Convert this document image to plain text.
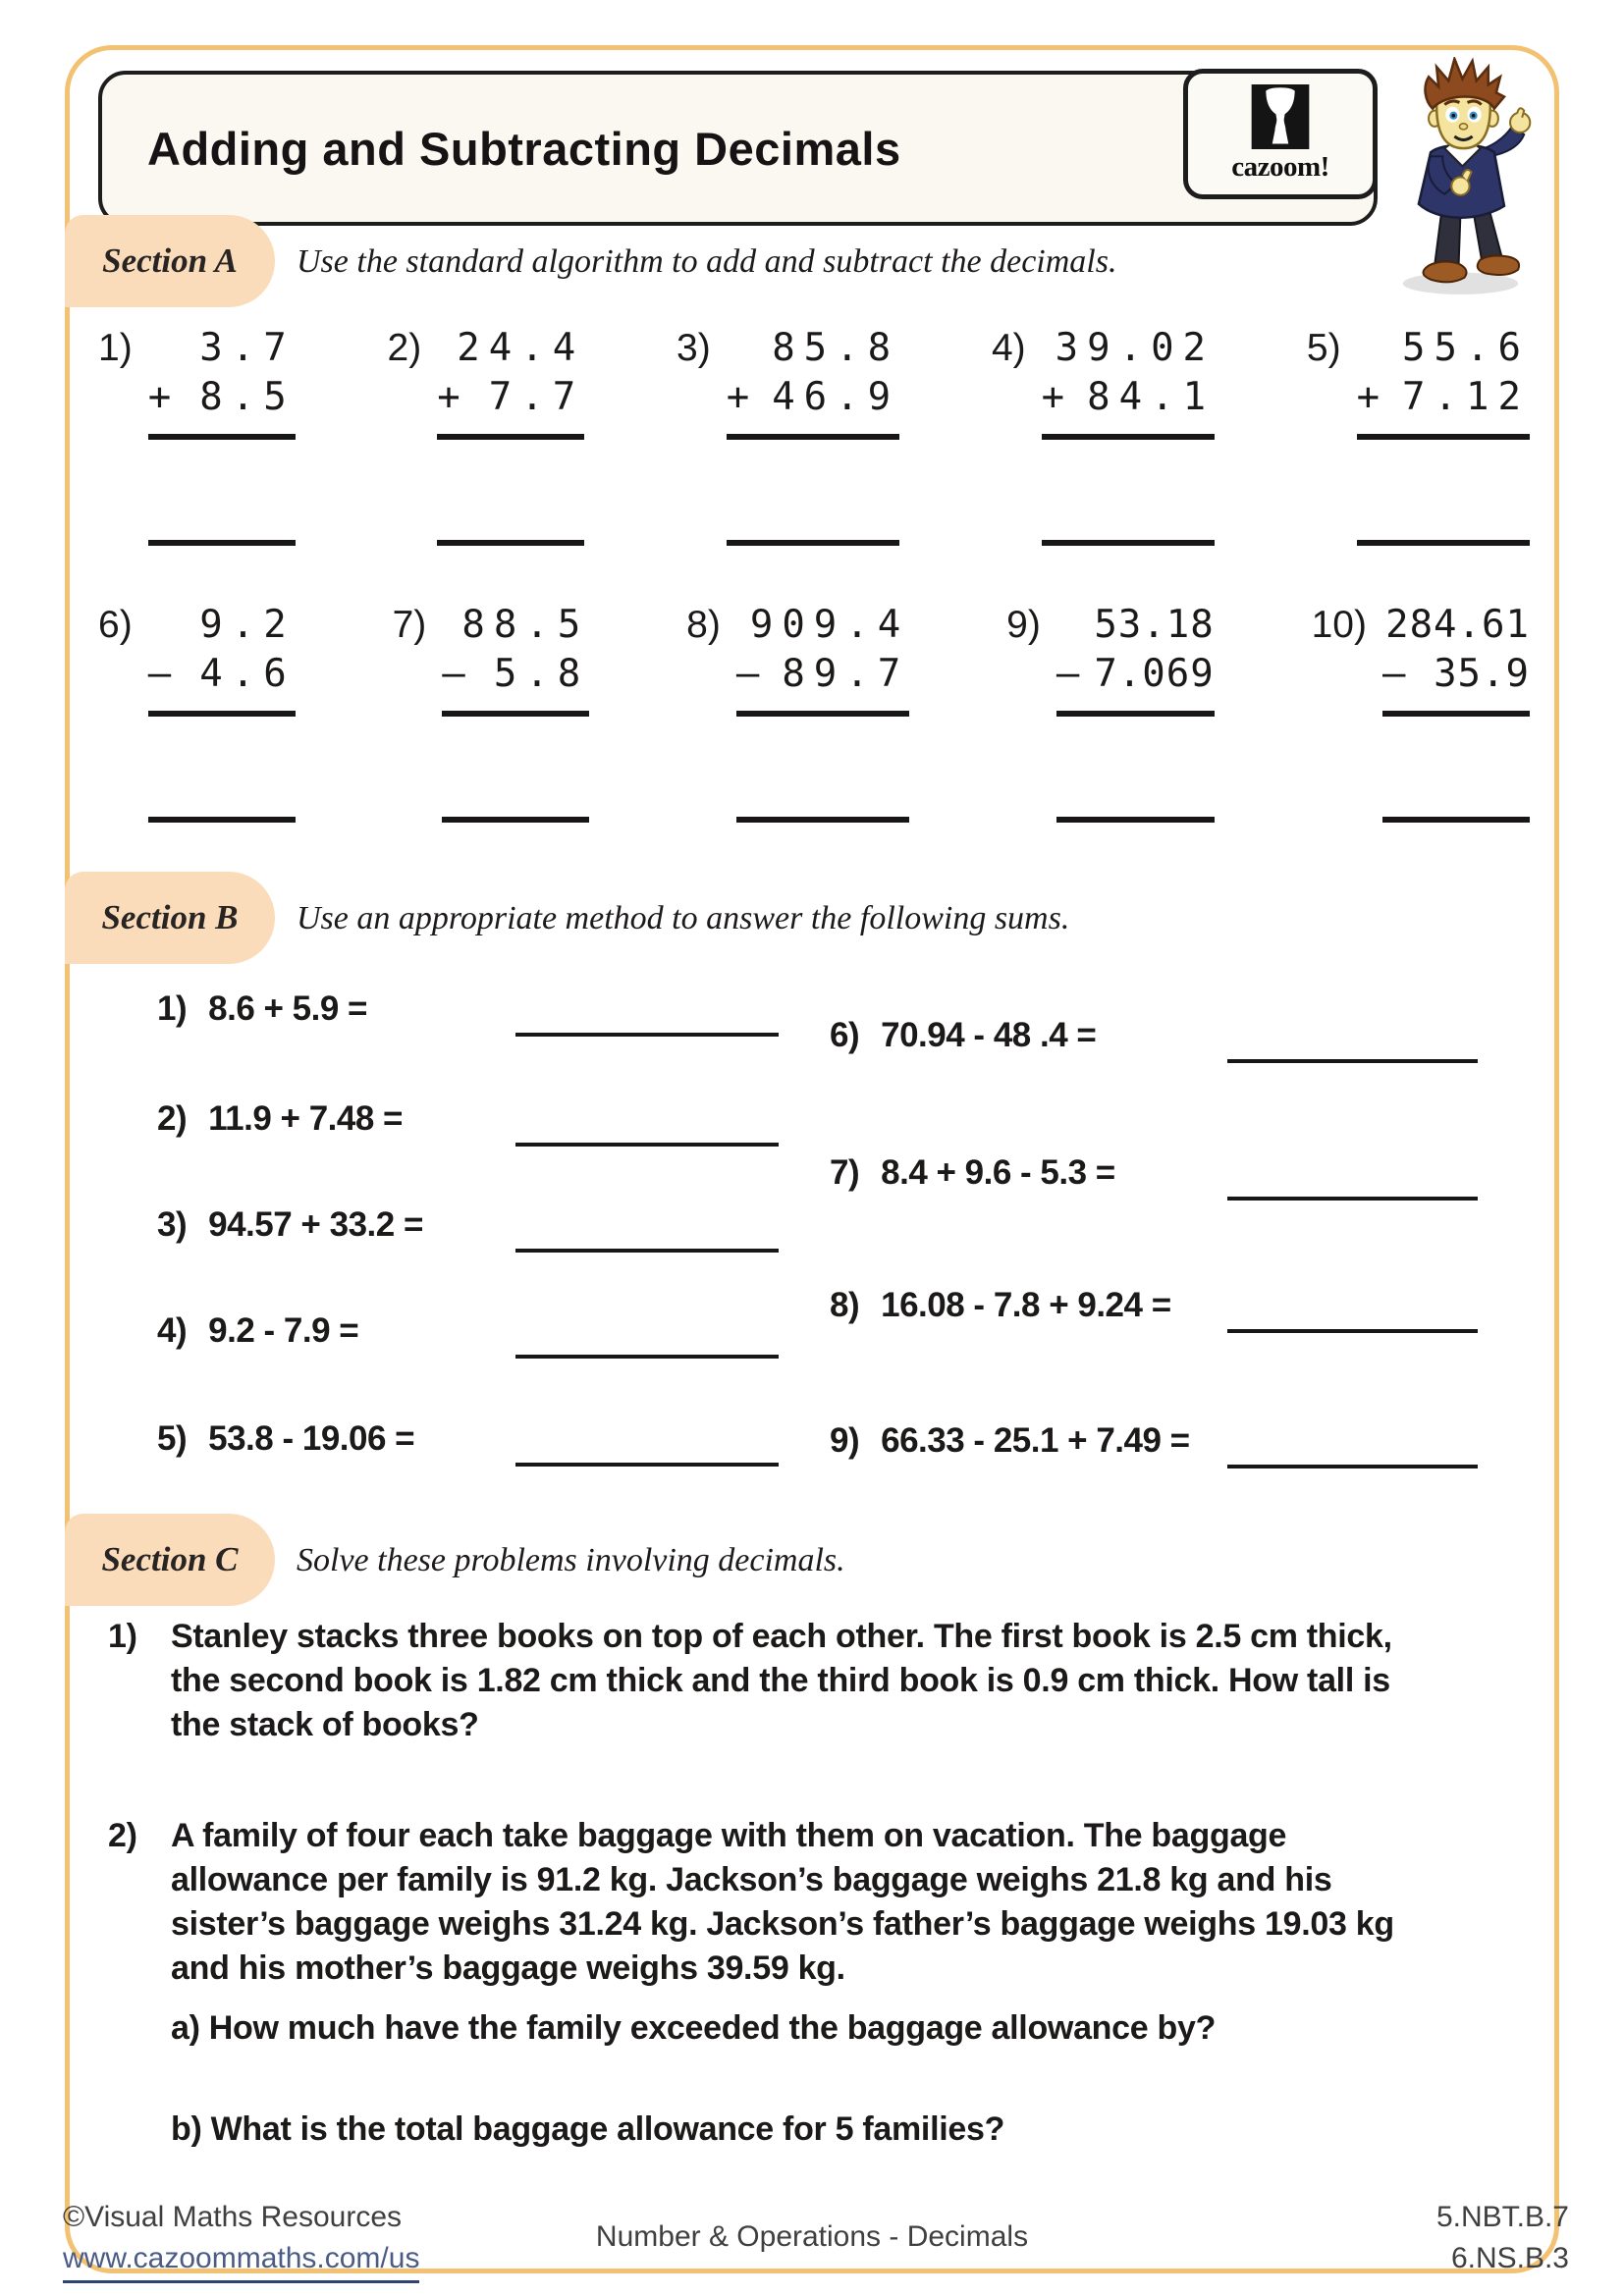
Adding and Subtracting Decimals	cazoom!
Section A Use the standard algorithm to add and subtract the decimals.
1)	3.7
+ 8.5
2) 24.4
+ 7.7
3)	85.8
+ 46.9
4) 39.02
+ 84.1
5)	55.6
+ 7.12
6)	9.2
– 4.6
7) 88.5
– 5.8
8) 909.4
– 89.7
9)	53.18
– 7.069
10) 284.61
– 35.9
Section B Use an appropriate method to answer the following sums.
1) 8.6 + 5.9 =
2) 11.9 + 7.48 =
3) 94.57 + 33.2 =
4) 9.2 - 7.9 =
5) 53.8 - 19.06 =
6) 70.94 - 48 .4 =
7) 8.4 + 9.6 - 5.3 =
8) 16.08 - 7.8 + 9.24 =
9) 66.33 - 25.1 + 7.49 =
Section C Solve these problems involving decimals.
1)	Stanley stacks three books on top of each other. The first book is 2.5 cm thick,
the second book is 1.82 cm thick and the third book is 0.9 cm thick. How tall is
the stack of books?
2)	A family of four each take baggage with them on vacation. The baggage
allowance per family is 91.2 kg. Jackson’s baggage weighs 21.8 kg and his
sister’s baggage weighs 31.24 kg. Jackson’s father’s baggage weighs 19.03 kg
and his mother’s baggage weighs 39.59 kg.
a) How much have the family exceeded the baggage allowance by?
b) What is the total baggage allowance for 5 families?
©Visual Maths Resources
www.cazoommaths.com/us
Number & Operations - Decimals
5.NBT.B.7
6.NS.B.3
